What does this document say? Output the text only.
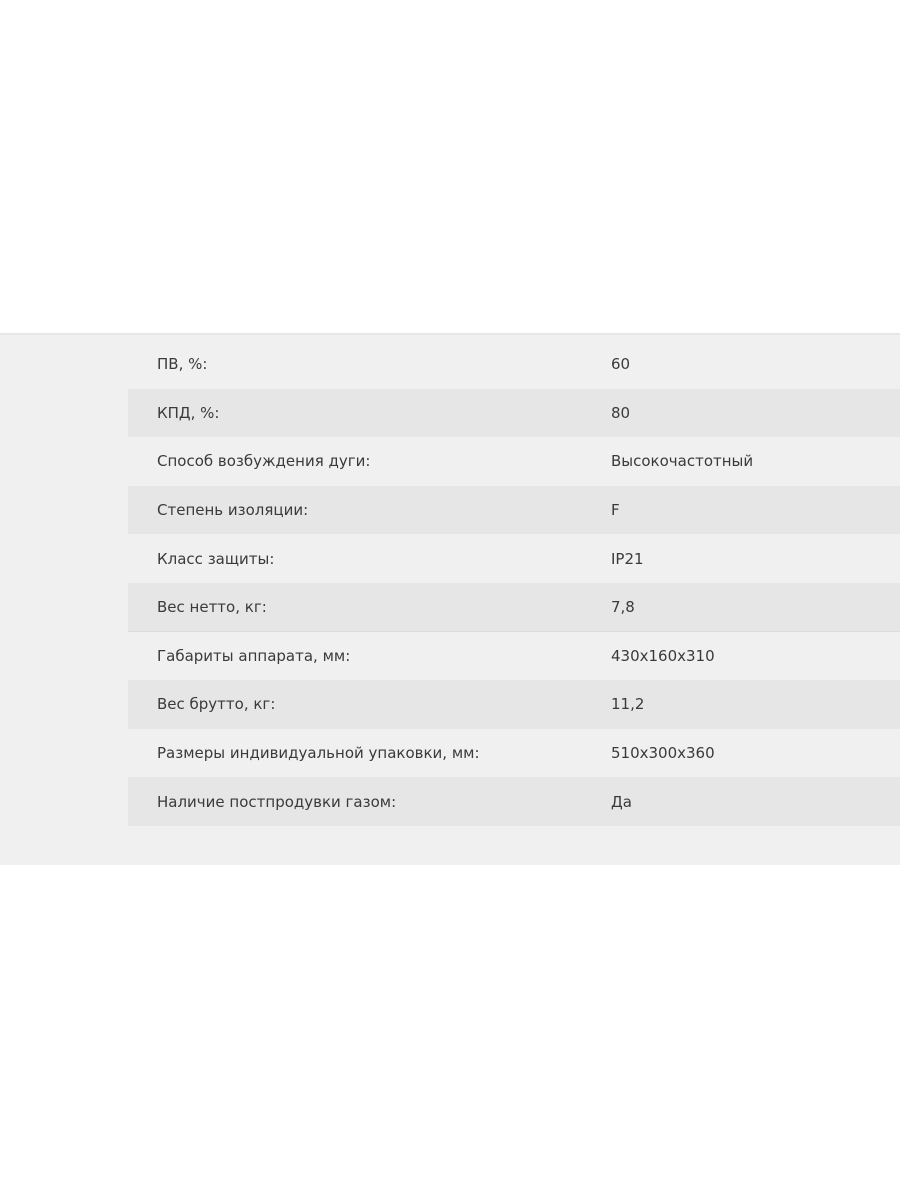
ПВ, %:	60
КПД, %:	80
Способ возбуждения дуги:	Высокочастотный
Степень изоляции:	F
Класс защиты:	IP21
Вес нетто, кг:	7,8
Габариты аппарата, мм:	430x160x310
Вес брутто, кг:	11,2
Размеры индивидуальной упаковки, мм:	510x300x360
Наличие постпродувки газом:	Да
